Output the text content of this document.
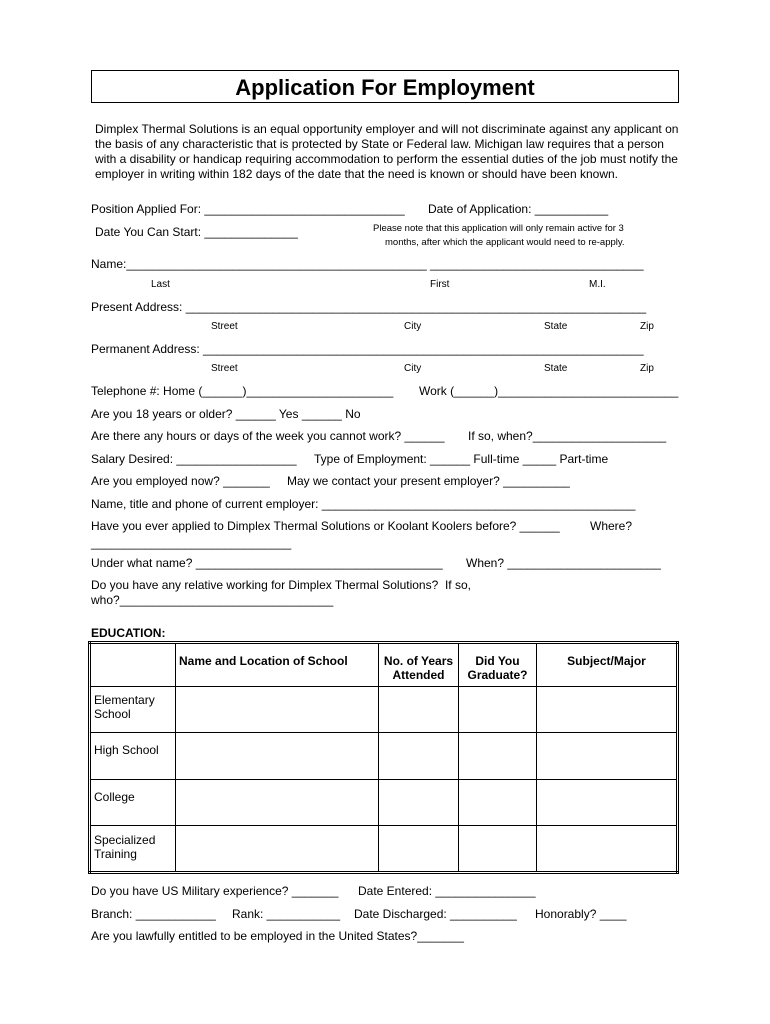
Application For Employment
Dimplex Thermal Solutions is an equal opportunity employer and will not discriminate against any applicant on the basis of any characteristic that is protected by State or Federal law. Michigan law requires that a person with a disability or handicap requiring accommodation to perform the essential duties of the job must notify the employer in writing within 182 days of the date that the need is known or should have been known.
Position Applied For: ______________________________ Date of Application: ___________
Date You Can Start: ______________	Please note that this application will only remain active for 3
months, after which the applicant would need to re-apply.
Name:_____________________________________________ ________________________________
Last	First	M.I.
Present Address: _____________________________________________________________________
Street	City	State	Zip
Permanent Address: __________________________________________________________________
Street	City	State	Zip
Telephone #: Home (______)______________________ Work (______)___________________________
Are you 18 years or older? ______ Yes ______ No
Are there any hours or days of the week you cannot work? ______ If so, when?____________________
Salary Desired: __________________ Type of Employment: ______ Full-time _____ Part-time
Are you employed now? _______ May we contact your present employer? __________
Name, title and phone of current employer: _______________________________________________
Have you ever applied to Dimplex Thermal Solutions or Koolant Koolers before? ______	Where?
______________________________
Under what name? _____________________________________ When? _______________________
Do you have any relative working for Dimplex Thermal Solutions?  If so,
who?________________________________
EDUCATION:
	Name and Location of School	No. of Years Attended	Did You Graduate?	Subject/Major
Elementary School				
High School				
College				
Specialized Training				
Do you have US Military experience? _______ Date Entered: _______________
Branch: ____________ Rank: ___________ Date Discharged: __________ Honorably? ____
Are you lawfully entitled to be employed in the United States?_______
